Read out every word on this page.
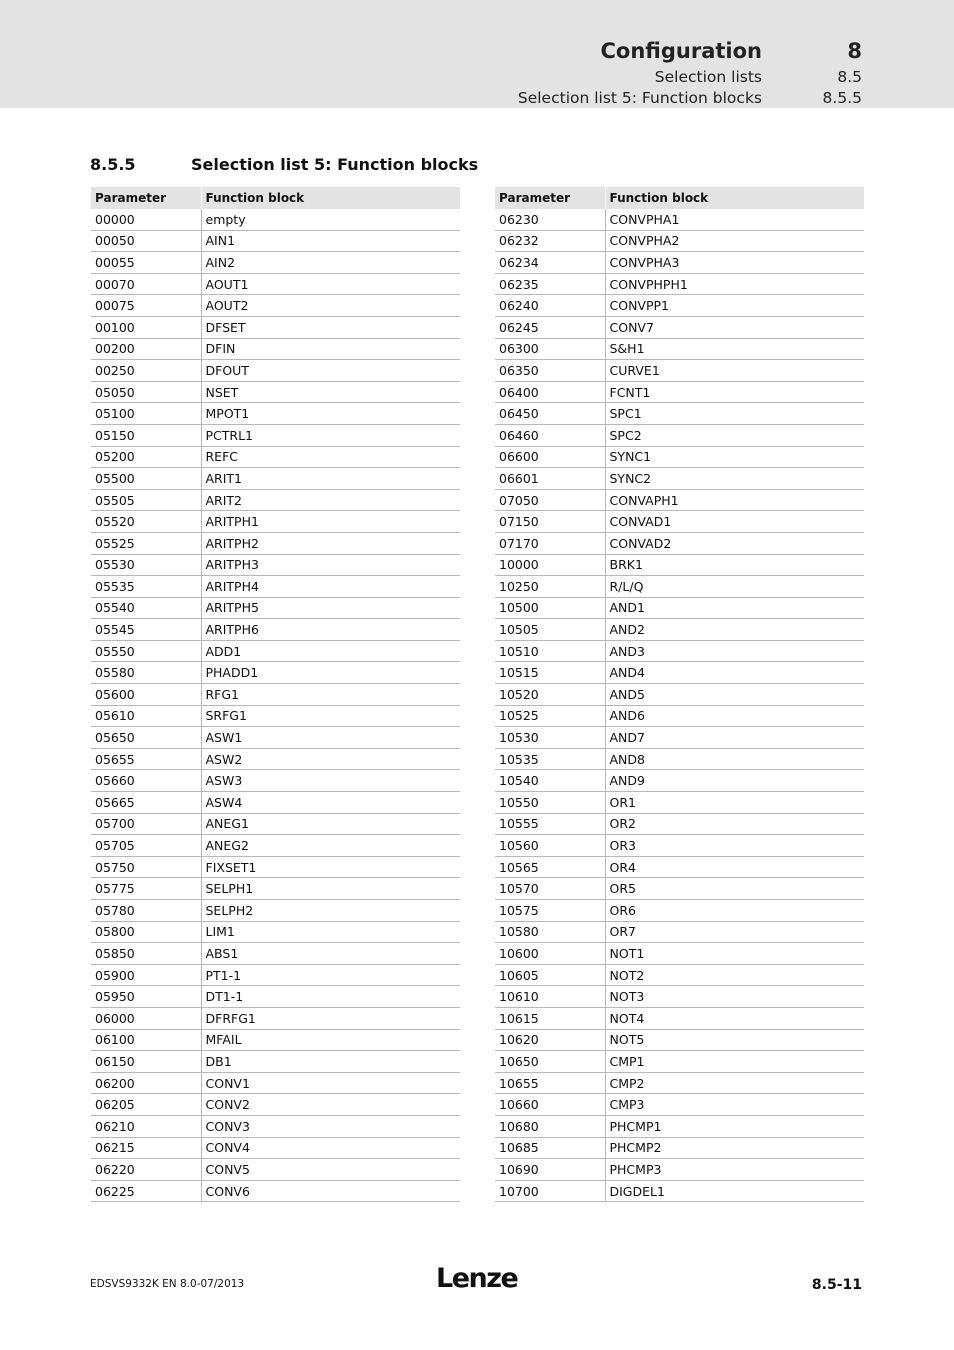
Configuration	8
Selection lists	8.5
Selection list 5: Function blocks	8.5.5
8.5.5	Selection list 5: Function blocks
Parameter	Function block
00000	empty
00050	AIN1
00055	AIN2
00070	AOUT1
00075	AOUT2
00100	DFSET
00200	DFIN
00250	DFOUT
05050	NSET
05100	MPOT1
05150	PCTRL1
05200	REFC
05500	ARIT1
05505	ARIT2
05520	ARITPH1
05525	ARITPH2
05530	ARITPH3
05535	ARITPH4
05540	ARITPH5
05545	ARITPH6
05550	ADD1
05580	PHADD1
05600	RFG1
05610	SRFG1
05650	ASW1
05655	ASW2
05660	ASW3
05665	ASW4
05700	ANEG1
05705	ANEG2
05750	FIXSET1
05775	SELPH1
05780	SELPH2
05800	LIM1
05850	ABS1
05900	PT1-1
05950	DT1-1
06000	DFRFG1
06100	MFAIL
06150	DB1
06200	CONV1
06205	CONV2
06210	CONV3
06215	CONV4
06220	CONV5
06225	CONV6
Parameter	Function block
06230	CONVPHA1
06232	CONVPHA2
06234	CONVPHA3
06235	CONVPHPH1
06240	CONVPP1
06245	CONV7
06300	S&H1
06350	CURVE1
06400	FCNT1
06450	SPC1
06460	SPC2
06600	SYNC1
06601	SYNC2
07050	CONVAPH1
07150	CONVAD1
07170	CONVAD2
10000	BRK1
10250	R/L/Q
10500	AND1
10505	AND2
10510	AND3
10515	AND4
10520	AND5
10525	AND6
10530	AND7
10535	AND8
10540	AND9
10550	OR1
10555	OR2
10560	OR3
10565	OR4
10570	OR5
10575	OR6
10580	OR7
10600	NOT1
10605	NOT2
10610	NOT3
10615	NOT4
10620	NOT5
10650	CMP1
10655	CMP2
10660	CMP3
10680	PHCMP1
10685	PHCMP2
10690	PHCMP3
10700	DIGDEL1
EDSVS9332K EN 8.0-07/2013	Lenze	8.5-11
